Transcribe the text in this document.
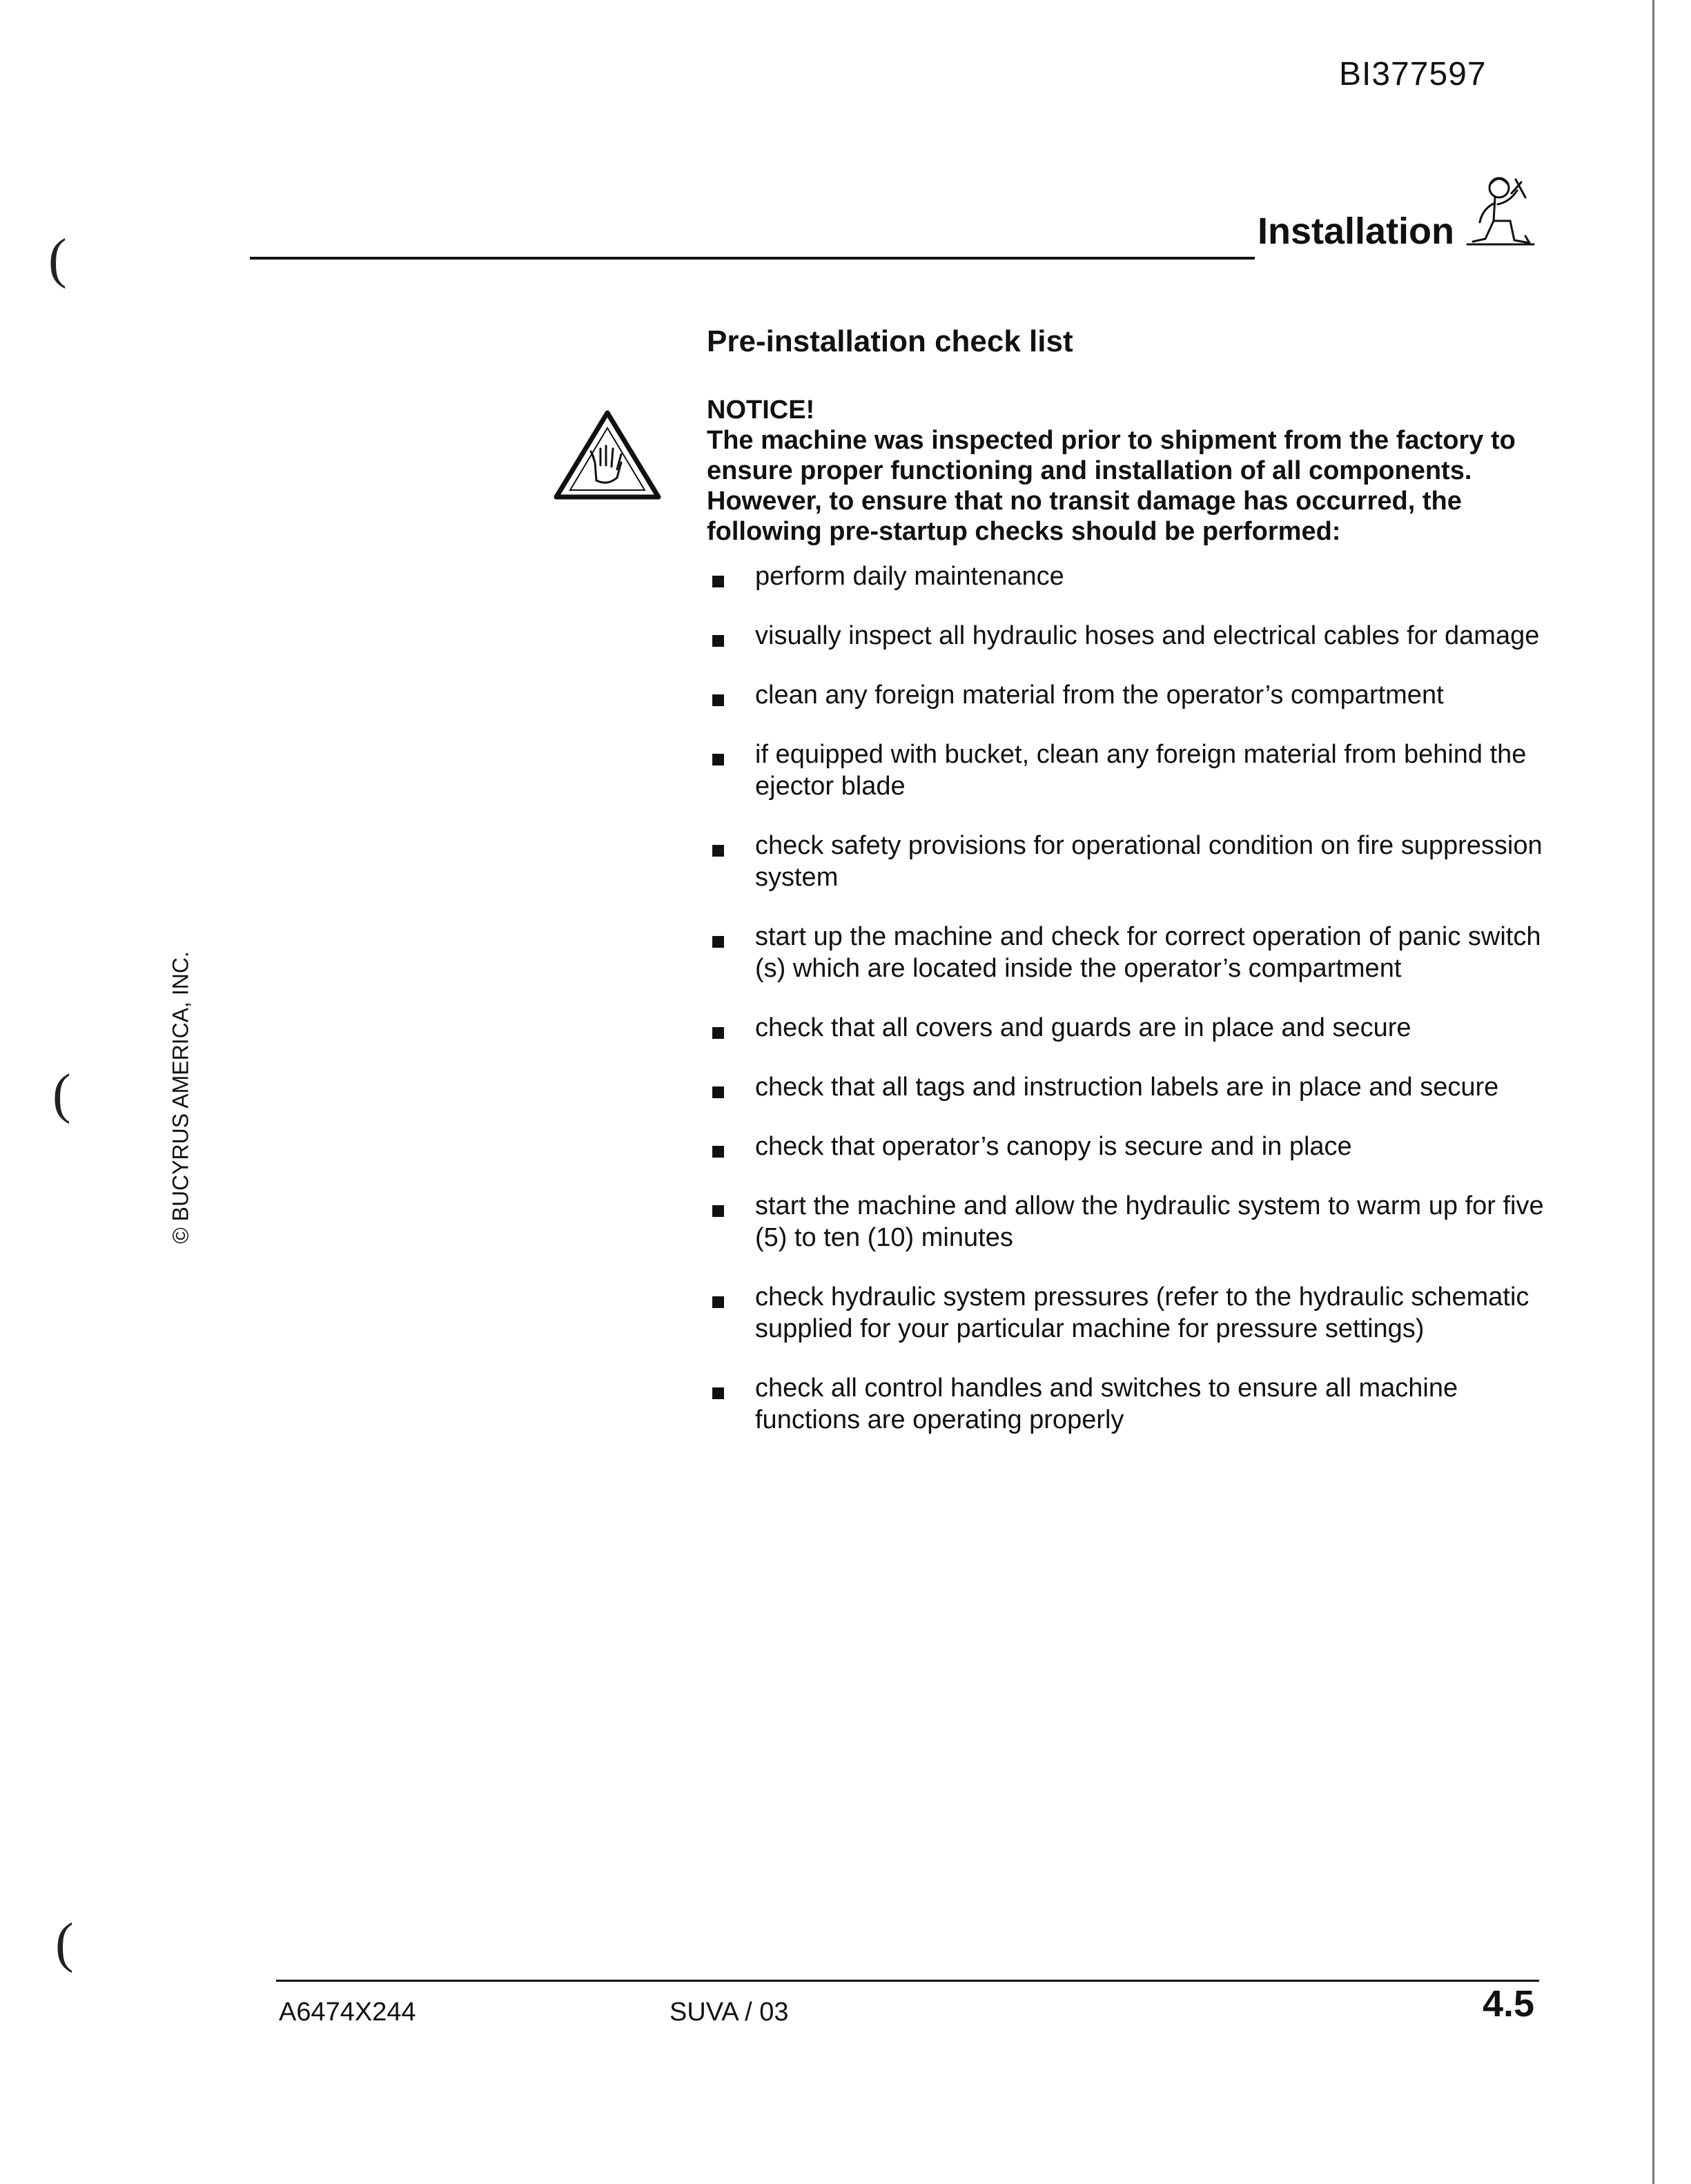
BI377597
Installation
Pre-installation check list
NOTICE!
The machine was inspected prior to shipment from the factory to ensure proper functioning and installation of all components. However, to ensure that no transit damage has occurred, the following pre-startup checks should be performed:
perform daily maintenance
visually inspect all hydraulic hoses and electrical cables for damage
clean any foreign material from the operator’s compartment
if equipped with bucket, clean any foreign material from behind the ejector blade
check safety provisions for operational condition on fire suppression system
start up the machine and check for correct operation of panic switch (s) which are located inside the operator’s compartment
check that all covers and guards are in place and secure
check that all tags and instruction labels are in place and secure
check that operator’s canopy is secure and in place
start the machine and allow the hydraulic system to warm up for five (5) to ten (10) minutes
check hydraulic system pressures (refer to the hydraulic schematic supplied for your particular machine for pressure settings)
check all control handles and switches to ensure all machine functions are operating properly
© BUCYRUS AMERICA, INC.
(
(
(
A6474X244	SUVA / 03	4.5
